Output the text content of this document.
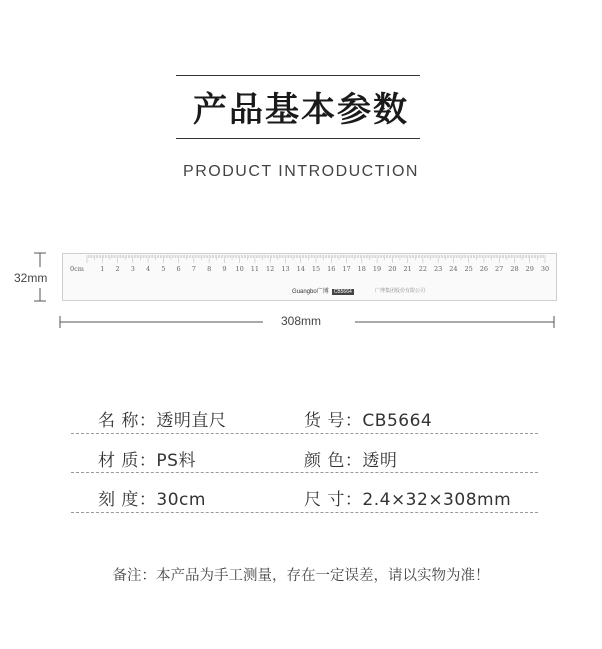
产品基本参数
PRODUCT INTRODUCTION
32mm
0cm 1 2 3 4 5 6 7 8 9 10 11 12 13 14 15 16 17 18 19 20 21 22 23 24 25 26 27 28 29 30
Guangbo广博 CB5664	广博集团股份有限公司
308mm
名 称：透明直尺	货 号：CB5664
材 质：PS料	颜 色：透明
刻 度：30cm	尺 寸：2.4×32×308mm
备注：本产品为手工测量，存在一定误差，请以实物为准！
